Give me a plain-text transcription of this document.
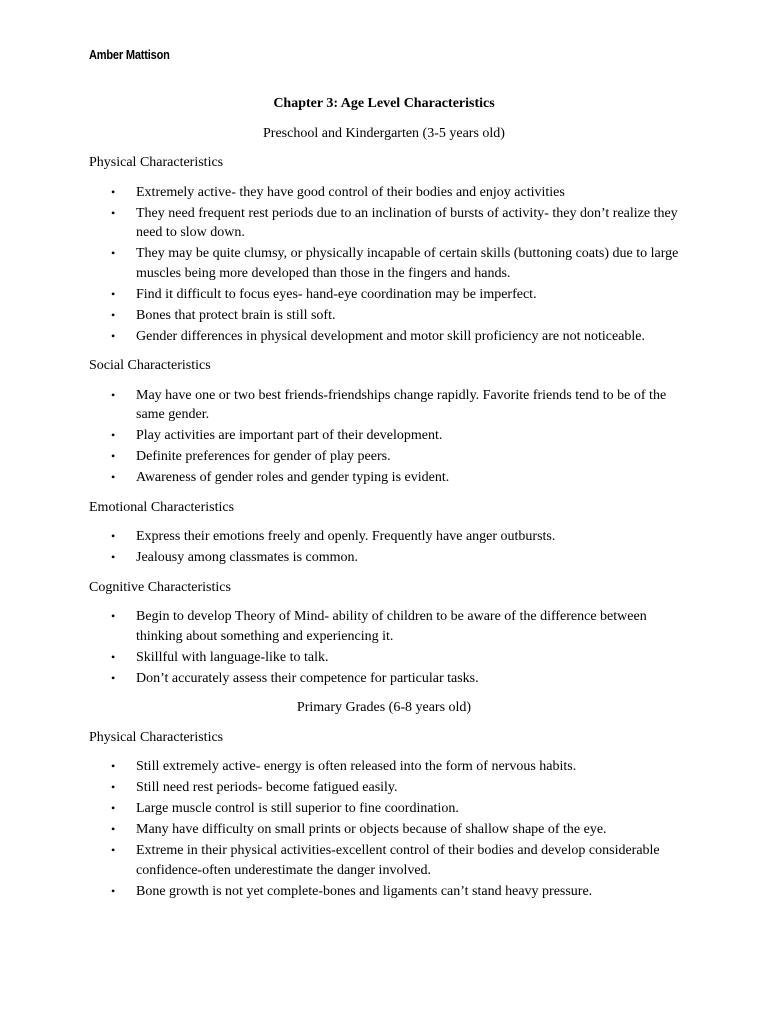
Amber Mattison
Chapter 3: Age Level Characteristics
Preschool and Kindergarten (3-5 years old)
Physical Characteristics
• Extremely active- they have good control of their bodies and enjoy activities
• They need frequent rest periods due to an inclination of bursts of activity- they don’t realize they need to slow down.
• They may be quite clumsy, or physically incapable of certain skills (buttoning coats) due to large muscles being more developed than those in the fingers and hands.
• Find it difficult to focus eyes- hand-eye coordination may be imperfect.
• Bones that protect brain is still soft.
• Gender differences in physical development and motor skill proficiency are not noticeable.
Social Characteristics
• May have one or two best friends-friendships change rapidly. Favorite friends tend to be of the same gender.
• Play activities are important part of their development.
• Definite preferences for gender of play peers.
• Awareness of gender roles and gender typing is evident.
Emotional Characteristics
• Express their emotions freely and openly. Frequently have anger outbursts.
• Jealousy among classmates is common.
Cognitive Characteristics
• Begin to develop Theory of Mind- ability of children to be aware of the difference between thinking about something and experiencing it.
• Skillful with language-like to talk.
• Don’t accurately assess their competence for particular tasks.
Primary Grades (6-8 years old)
Physical Characteristics
• Still extremely active- energy is often released into the form of nervous habits.
• Still need rest periods- become fatigued easily.
• Large muscle control is still superior to fine coordination.
• Many have difficulty on small prints or objects because of shallow shape of the eye.
• Extreme in their physical activities-excellent control of their bodies and develop considerable confidence-often underestimate the danger involved.
• Bone growth is not yet complete-bones and ligaments can’t stand heavy pressure.
